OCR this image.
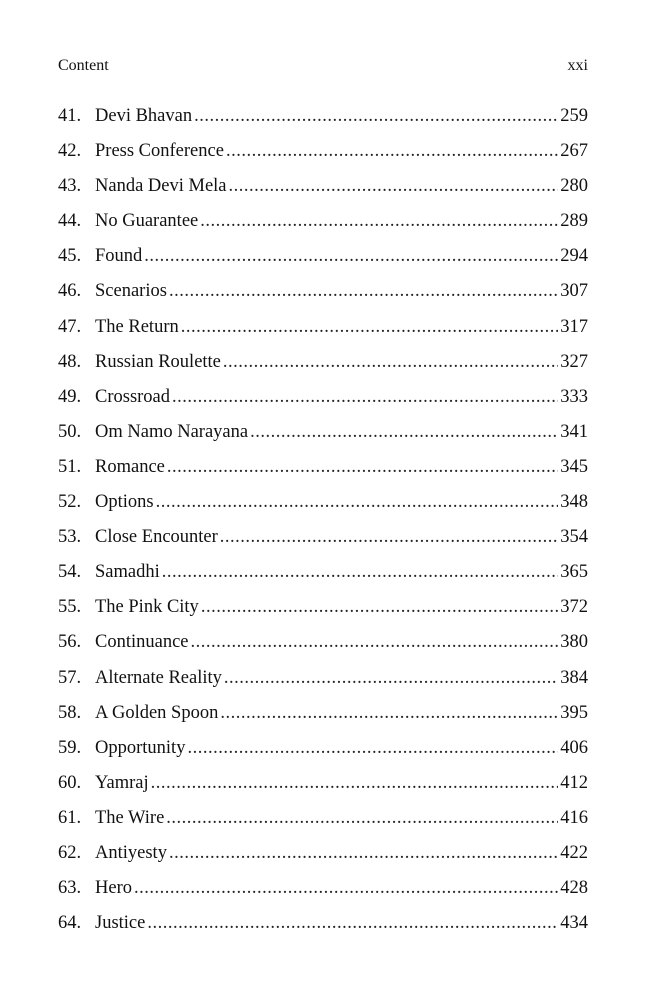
Content	xxi
41. Devi Bhavan .....	259
42. Press Conference .....	267
43. Nanda Devi Mela .....	280
44. No Guarantee .....	289
45. Found .....	294
46. Scenarios .....	307
47. The Return .....	317
48. Russian Roulette .....	327
49. Crossroad .....	333
50. Om Namo Narayana .....	341
51. Romance .....	345
52. Options .....	348
53. Close Encounter .....	354
54. Samadhi .....	365
55. The Pink City .....	372
56. Continuance .....	380
57. Alternate Reality .....	384
58. A Golden Spoon .....	395
59. Opportunity .....	406
60. Yamraj .....	412
61. The Wire .....	416
62. Antiyesty .....	422
63. Hero .....	428
64. Justice .....	434
